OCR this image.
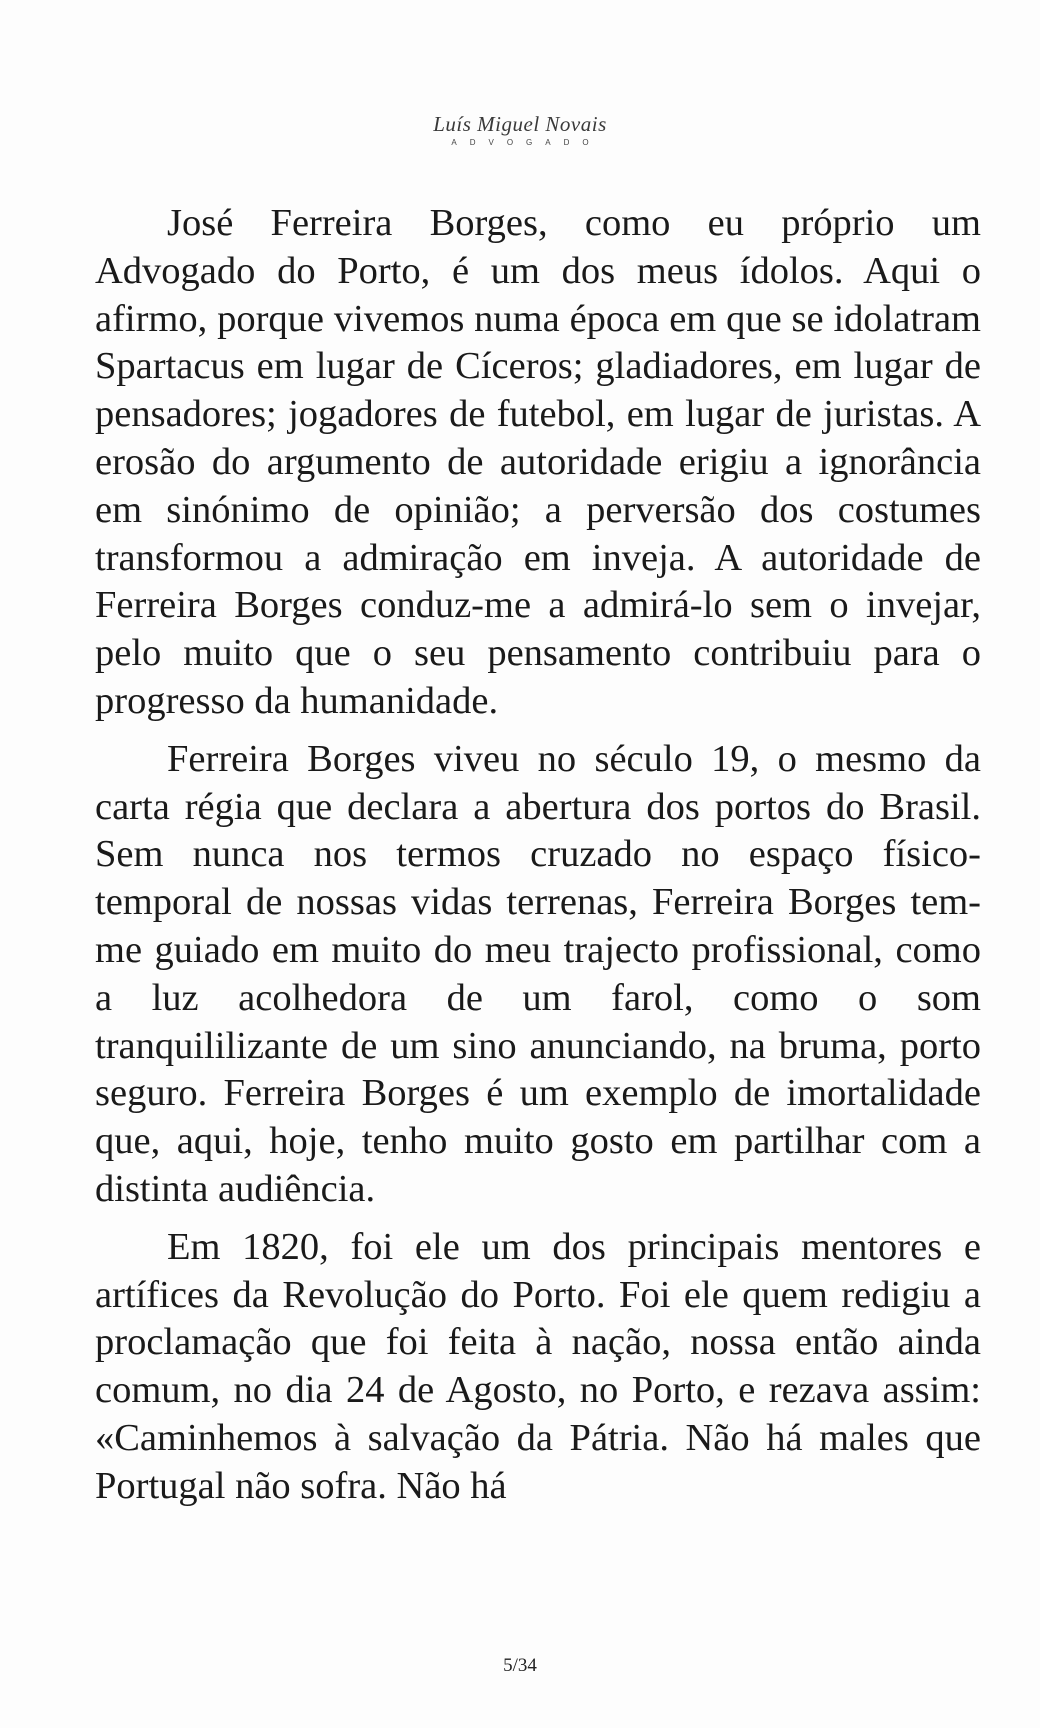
Luís Miguel Novais
ADVOGADO

José Ferreira Borges, como eu próprio um Advogado do Porto, é um dos meus ídolos. Aqui o afirmo, porque vivemos numa época em que se idolatram Spartacus em lugar de Cíceros; gladiadores, em lugar de pensadores; jogadores de futebol, em lugar de juristas. A erosão do argumento de autoridade erigiu a ignorância em sinónimo de opinião; a perversão dos costumes transformou a admiração em inveja. A autoridade de Ferreira Borges conduz-me a admirá-lo sem o invejar, pelo muito que o seu pensamento contribuiu para o progresso da humanidade.

Ferreira Borges viveu no século 19, o mesmo da carta régia que declara a abertura dos portos do Brasil. Sem nunca nos termos cruzado no espaço físico-temporal de nossas vidas terrenas, Ferreira Borges tem-me guiado em muito do meu trajecto profissional, como a luz acolhedora de um farol, como o som tranquililizante de um sino anunciando, na bruma, porto seguro. Ferreira Borges é um exemplo de imortalidade que, aqui, hoje, tenho muito gosto em partilhar com a distinta audiência.

Em 1820, foi ele um dos principais mentores e artífices da Revolução do Porto. Foi ele quem redigiu a proclamação que foi feita à nação, nossa então ainda comum, no dia 24 de Agosto, no Porto, e rezava assim: «Caminhemos à salvação da Pátria. Não há males que Portugal não sofra. Não há

5/34
